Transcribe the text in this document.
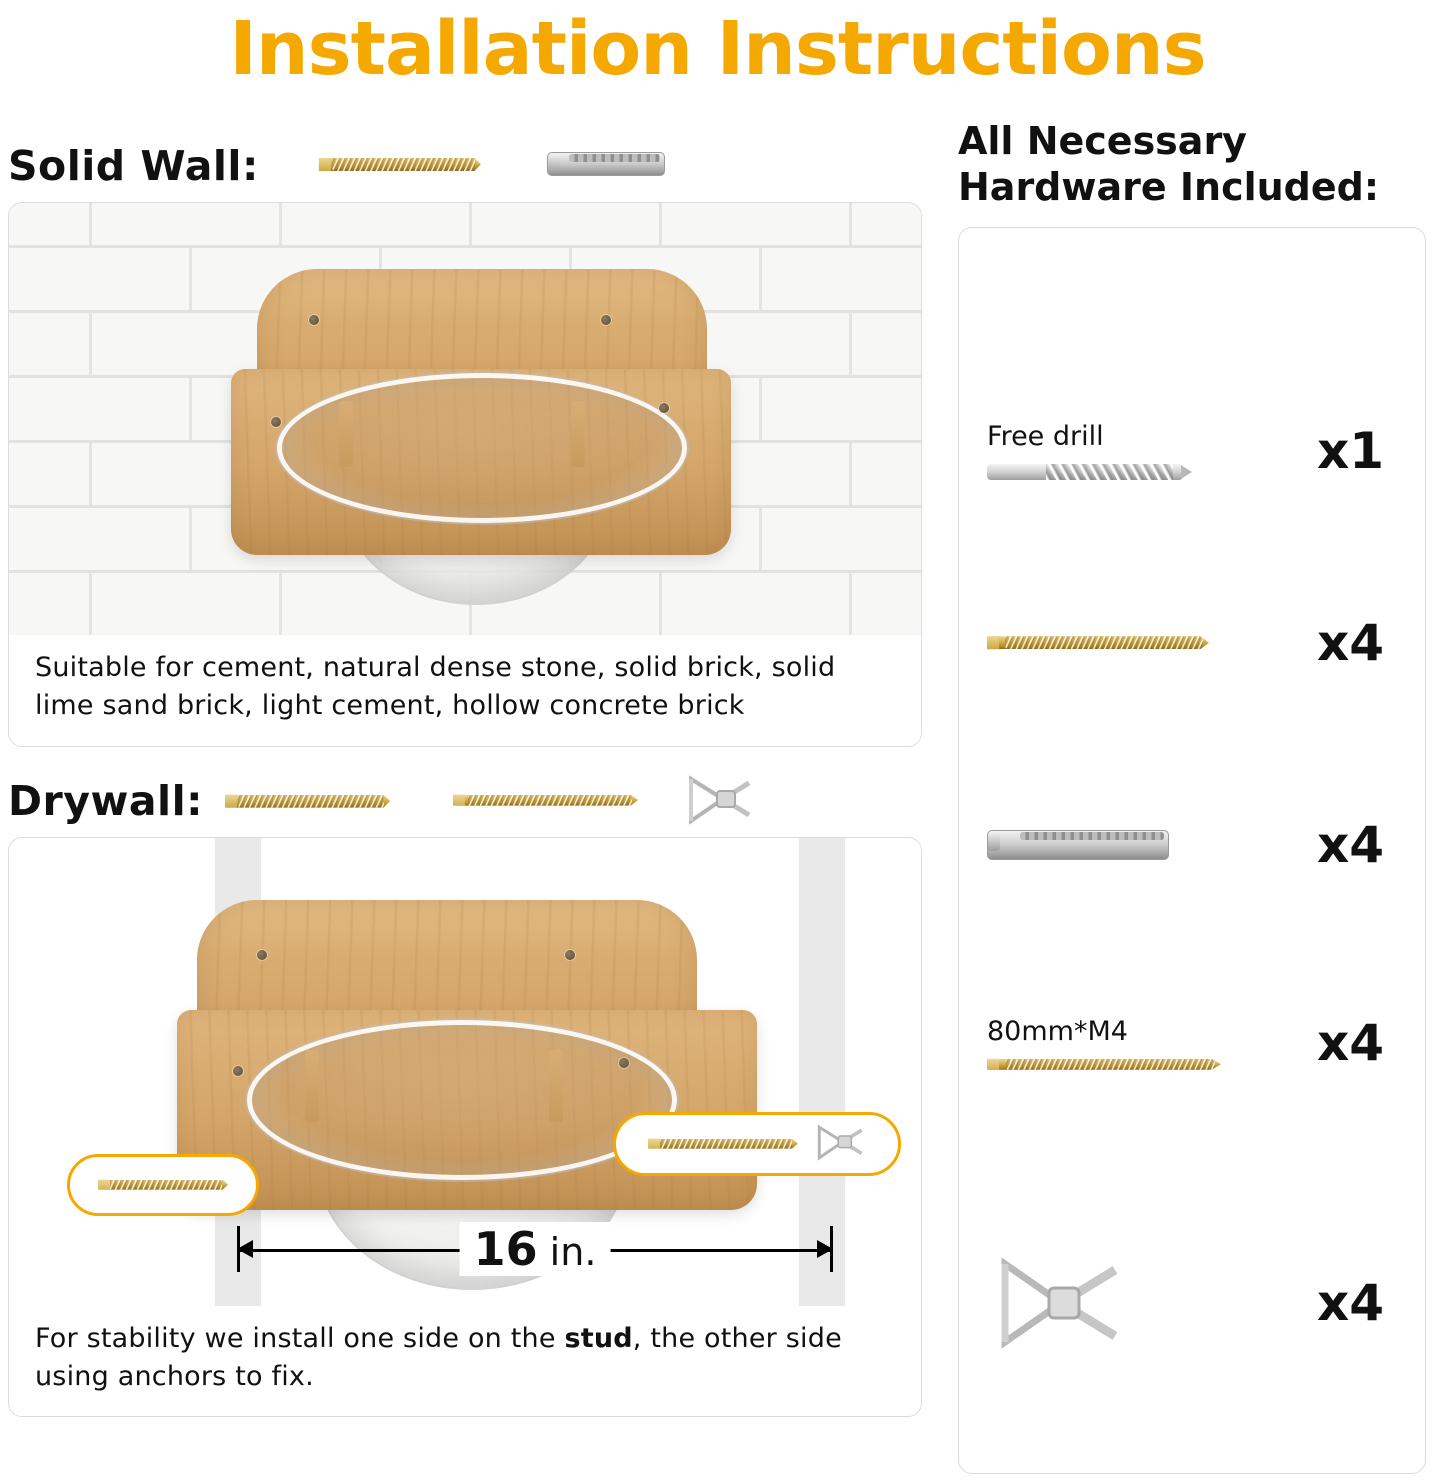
Installation Instructions
Solid Wall:
Suitable for cement, natural dense stone, solid brick, solid lime sand brick, light cement, hollow concrete brick
Drywall:
16 in.
For stability we install one side on the stud, the other side using anchors to fix.
All Necessary
Hardware Included:
Free drill	x1
x4
x4
80mm*M4	x4
x4
